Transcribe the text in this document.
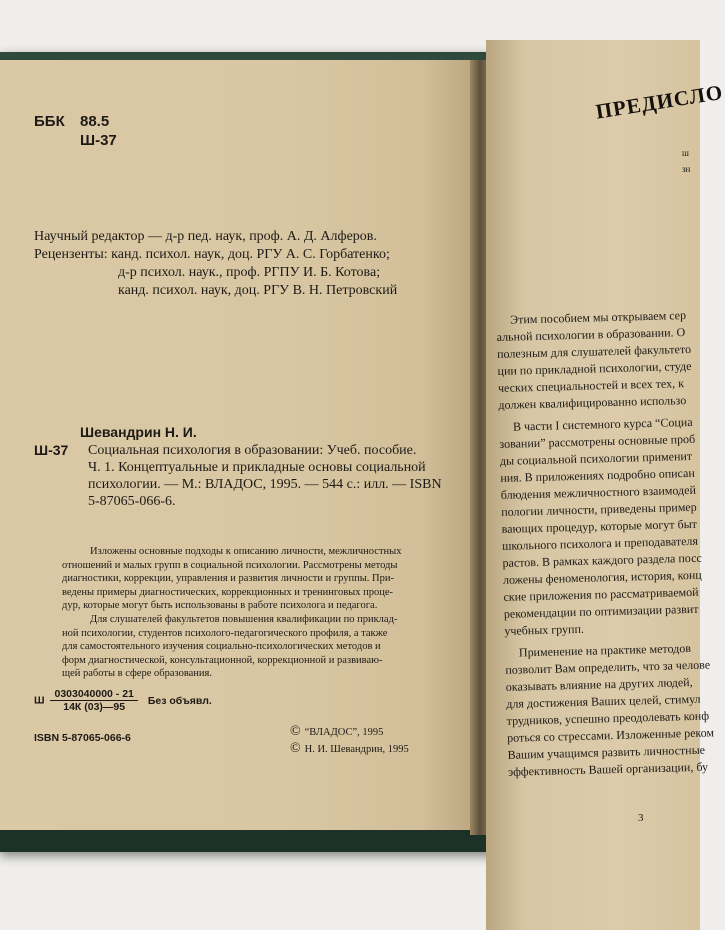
ББК 88.5
Ш-37
Научный редактор — д-р пед. наук, проф. А. Д. Алферов.
Рецензенты: канд. психол. наук, доц. РГУ А. С. Горбатенко;
д-р психол. наук., проф. РГПУ И. Б. Котова;
канд. психол. наук, доц. РГУ В. Н. Петровский
Шевандрин Н. И.
Ш-37 Социальная психология в образовании: Учеб. пособие.
Ч. 1. Концептуальные и прикладные основы социальной
психологии. — М.: ВЛАДОС, 1995. — 544 с.: илл. — ISBN
5-87065-066-6.
Изложены основные подходы к описанию личности, межличностных
отношений и малых групп в социальной психологии. Рассмотрены методы
диагностики, коррекции, управления и развития личности и группы. При-
ведены примеры диагностических, коррекционных и тренинговых проце-
дур, которые могут быть использованы в работе психолога и педагога.
Для слушателей факультетов повышения квалификации по приклад-
ной психологии, студентов психолого-педагогического профиля, а также
для самостоятельного изучения социально-психологических методов и
форм диагностической, консультационной, коррекционной и развиваю-
щей работы в сфере образования.
Ш $\frac{0303040000 - 21}{14К (03)—95}$ Без объявл.
ISBN 5-87065-066-6	© “ВЛАДОС”, 1995
© Н. И. Шевандрин, 1995
ПРЕДИСЛО
ш
зн
Этим пособием мы открываем сер
альной психологии в образовании. О
полезным для слушателей факультето
ции по прикладной психологии, студе
ческих специальностей и всех тех, к
должен квалифицированно использо
В части I системного курса “Социа
зовании” рассмотрены основные проб
ды социальной психологии применит
ния. В приложениях подробно описан
блюдения межличностного взаимодей
пологии личности, приведены пример
вающих процедур, которые могут быт
школьного психолога и преподавателя
растов. В рамках каждого раздела посс
ложены феноменология, история, конц
ские приложения по рассматриваемой
рекомендации по оптимизации развит
учебных групп.
Применение на практике методов
позволит Вам определить, что за челове
оказывать влияние на других людей,
для достижения Ваших целей, стимул
трудников, успешно преодолевать конф
роться со стрессами. Изложенные реком
Вашим учащимся развить личностные
эффективность Вашей организации, бу
3
